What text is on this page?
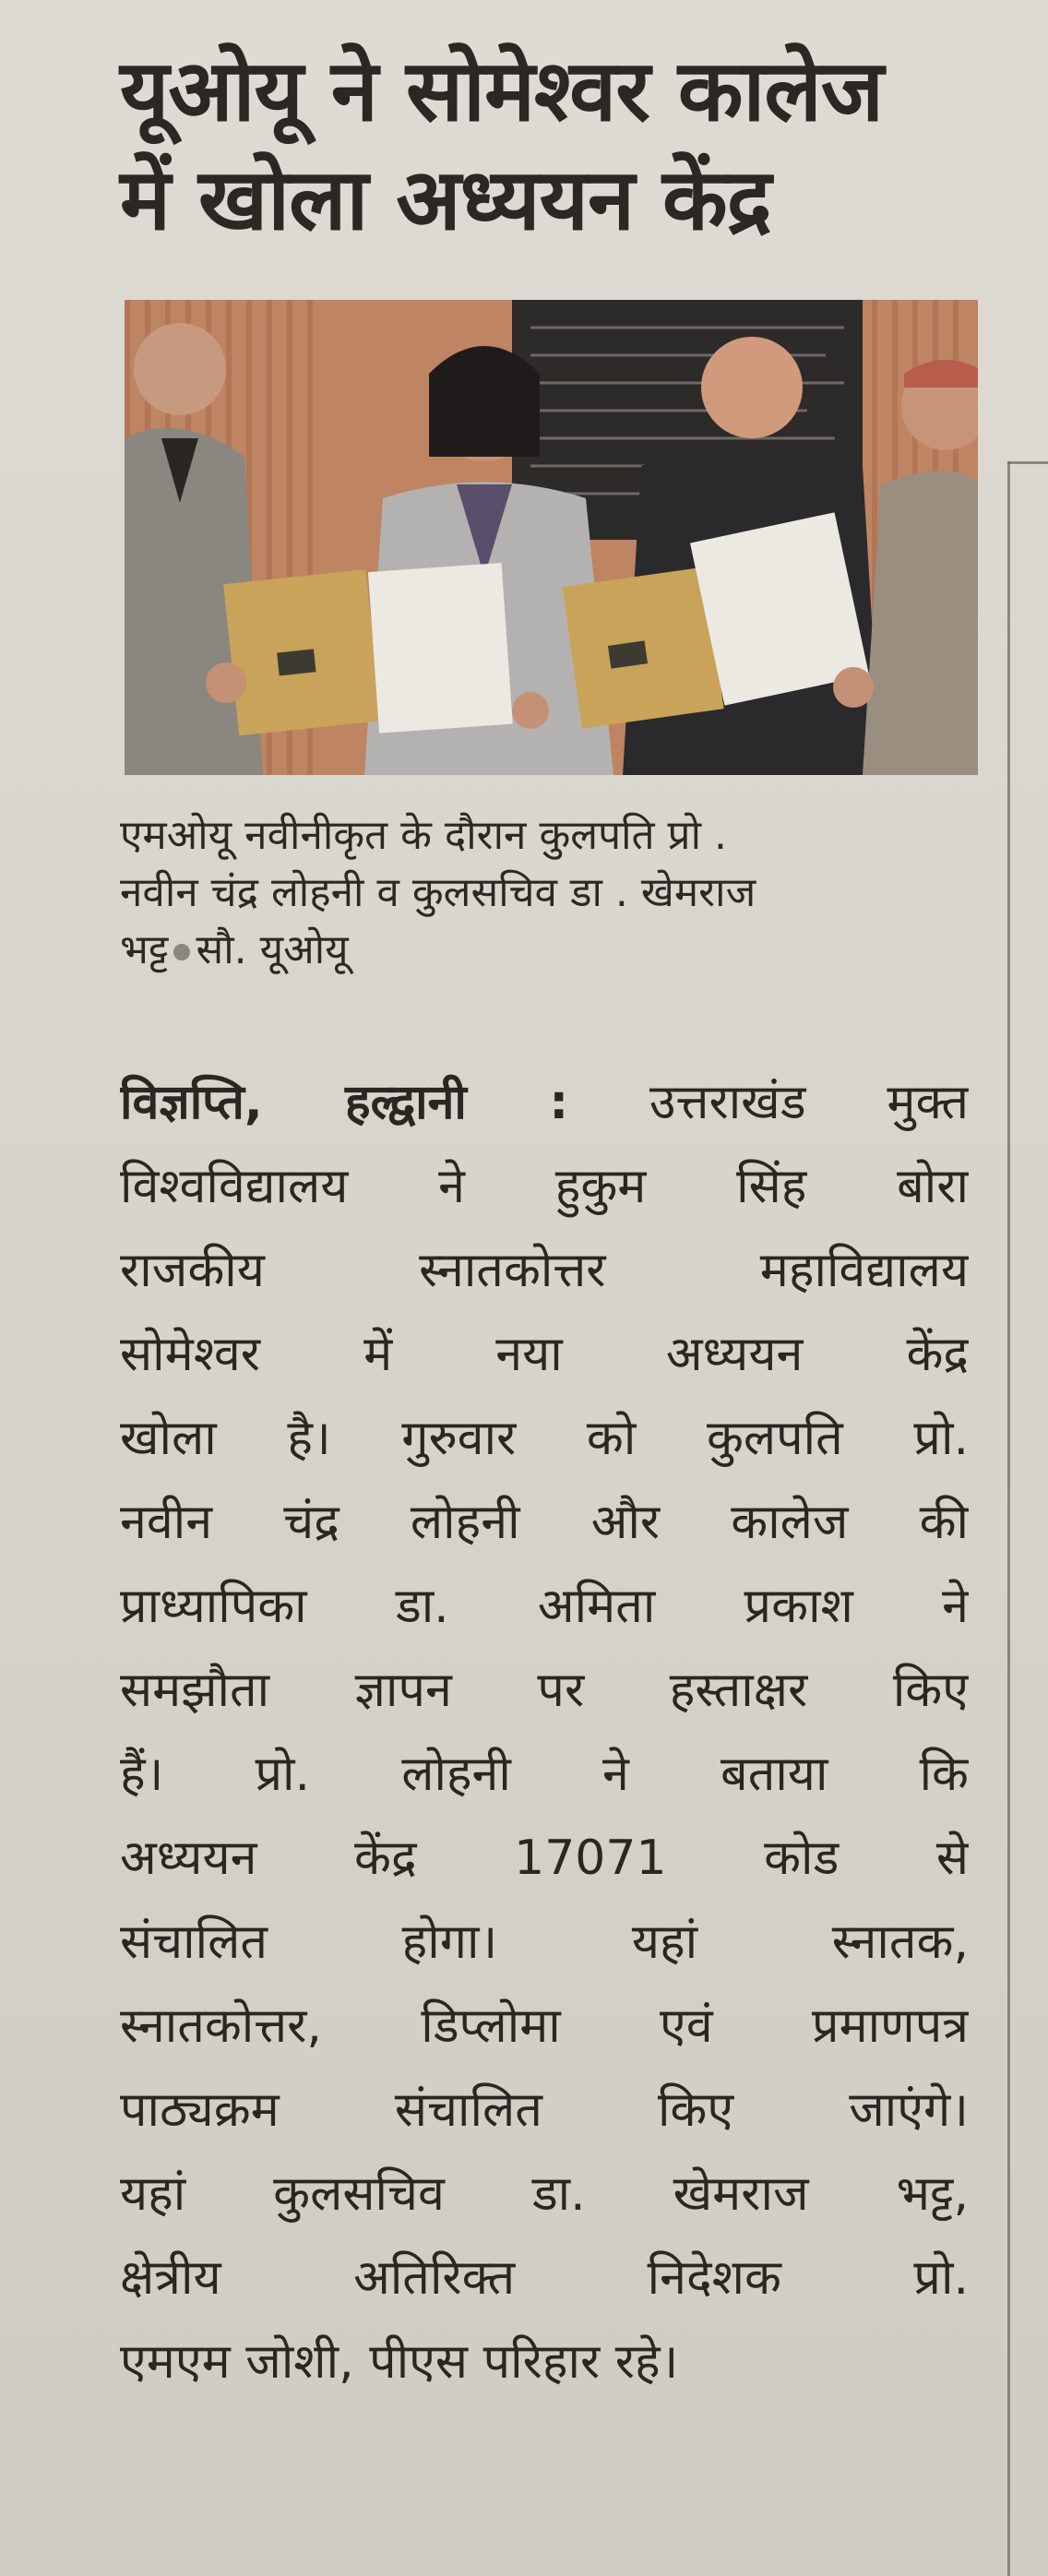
यूओयू ने सोमेश्वर कालेज
में खोला अध्ययन केंद्र

एमओयू नवीनीकृत के दौरान कुलपति प्रो .

नवीन चंद्र लोहनी व कुलसचिव डा . खेमराज

भट्ट सौ. यूओयू

विज्ञप्ति, हल्द्वानी : उत्तराखंड मुक्त
विश्वविद्यालय ने हुकुम सिंह बोरा
राजकीय स्नातकोत्तर महाविद्यालय
सोमेश्वर में नया अध्ययन केंद्र
खोला है। गुरुवार को कुलपति प्रो.
नवीन चंद्र लोहनी और कालेज की
प्राध्यापिका डा. अमिता प्रकाश ने
समझौता ज्ञापन पर हस्ताक्षर किए
हैं। प्रो. लोहनी ने बताया कि
अध्ययन केंद्र 17071 कोड से
संचालित होगा। यहां स्नातक,
स्नातकोत्तर, डिप्लोमा एवं प्रमाणपत्र
पाठ्यक्रम संचालित किए जाएंगे।
यहां कुलसचिव डा. खेमराज भट्ट,
क्षेत्रीय अतिरिक्त निदेशक प्रो.
एमएम जोशी, पीएस परिहार रहे।
